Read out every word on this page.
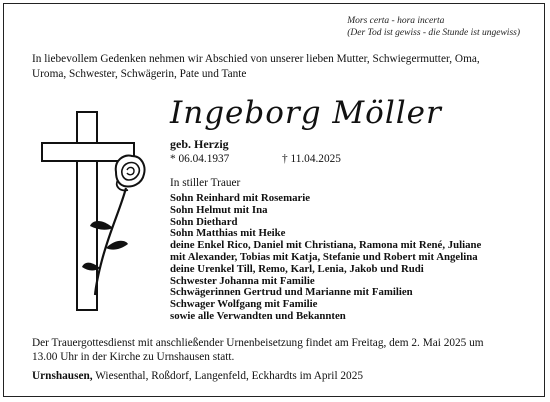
Mors certa - hora incerta
(Der Tod ist gewiss - die Stunde ist ungewiss)
In liebevollem Gedenken nehmen wir Abschied von unserer lieben Mutter, Schwiegermutter, Oma,
Uroma, Schwester, Schwägerin, Pate und Tante
Ingeborg Möller
geb. Herzig
* 06.04.1937	† 11.04.2025
In stiller Trauer
Sohn Reinhard mit Rosemarie
Sohn Helmut mit Ina
Sohn Diethard
Sohn Matthias mit Heike
deine Enkel Rico, Daniel mit Christiana, Ramona mit René, Juliane
mit Alexander, Tobias mit Katja, Stefanie und Robert mit Angelina
deine Urenkel Till, Remo, Karl, Lenia, Jakob und Rudi
Schwester Johanna mit Familie
Schwägerinnen Gertrud und Marianne mit Familien
Schwager Wolfgang mit Familie
sowie alle Verwandten und Bekannten
Der Trauergottesdienst mit anschließender Urnenbeisetzung findet am Freitag, dem 2. Mai 2025 um
13.00 Uhr in der Kirche zu Urnshausen statt.
Urnshausen, Wiesenthal, Roßdorf, Langenfeld, Eckhardts im April 2025
